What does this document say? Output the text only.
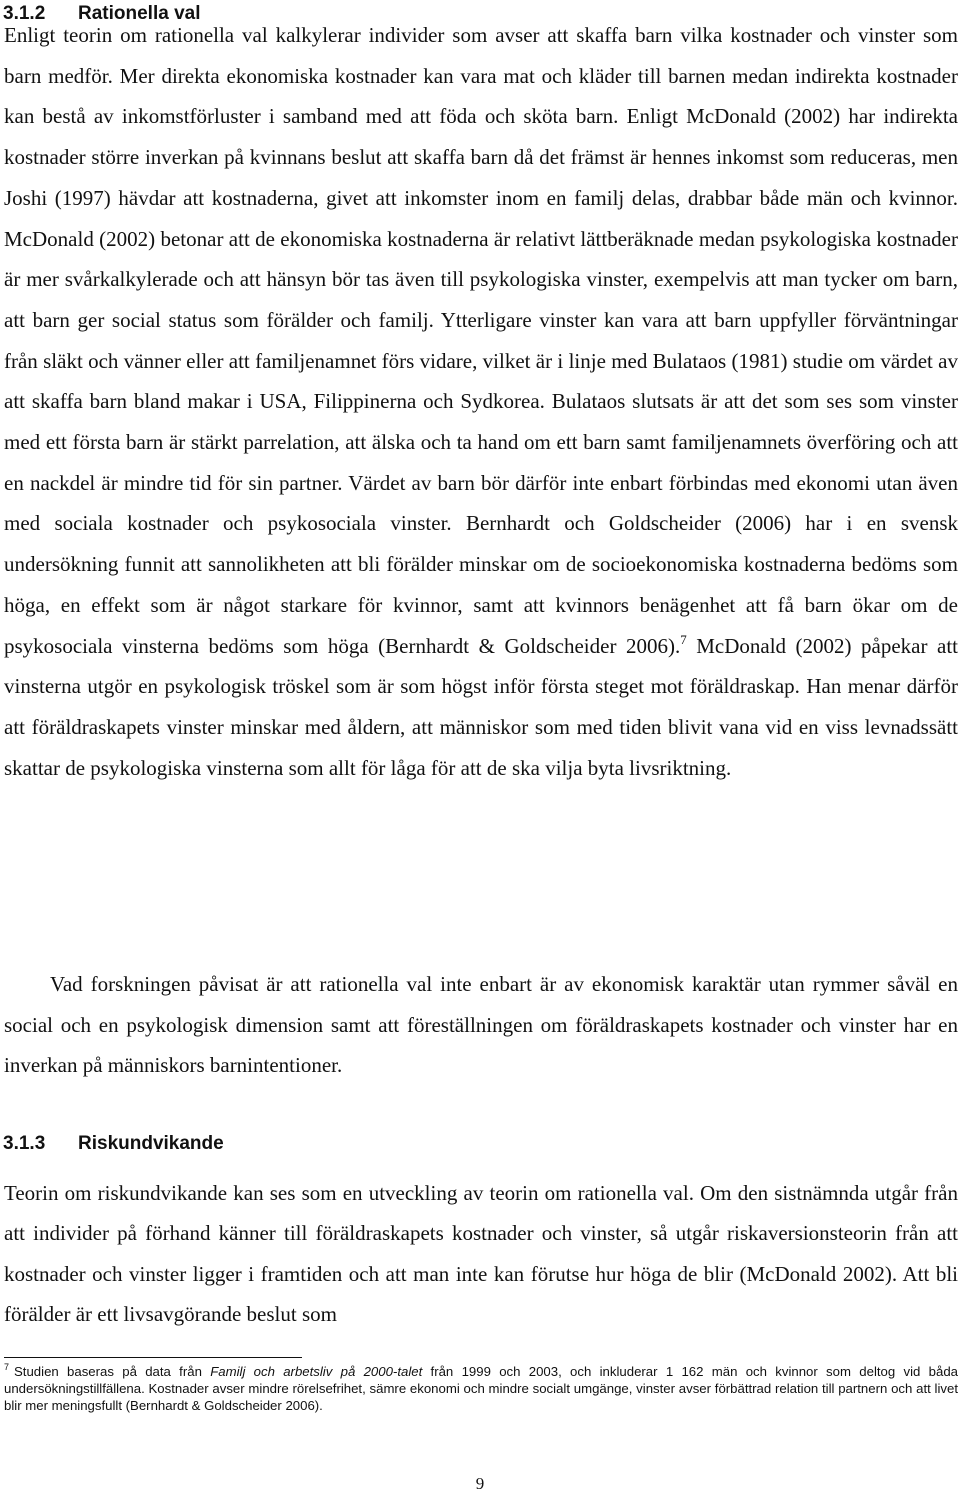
3.1.2 Rationella val

Enligt teorin om rationella val kalkylerar individer som avser att skaffa barn vilka kostnader och vinster som barn medför. Mer direkta ekonomiska kostnader kan vara mat och kläder till barnen medan indirekta kostnader kan bestå av inkomstförluster i samband med att föda och sköta barn. Enligt McDonald (2002) har indirekta kostnader större inverkan på kvinnans beslut att skaffa barn då det främst är hennes inkomst som reduceras, men Joshi (1997) hävdar att kostnaderna, givet att inkomster inom en familj delas, drabbar både män och kvinnor. McDonald (2002) betonar att de ekonomiska kostnaderna är relativt lättberäknade medan psykologiska kostnader är mer svårkalkylerade och att hänsyn bör tas även till psykologiska vinster, exempelvis att man tycker om barn, att barn ger social status som förälder och familj. Ytterligare vinster kan vara att barn uppfyller förväntningar från släkt och vänner eller att familjenamnet förs vidare, vilket är i linje med Bulataos (1981) studie om värdet av att skaffa barn bland makar i USA, Filippinerna och Sydkorea. Bulataos slutsats är att det som ses som vinster med ett första barn är stärkt parrelation, att älska och ta hand om ett barn samt familjenamnets överföring och att en nackdel är mindre tid för sin partner. Värdet av barn bör därför inte enbart förbindas med ekonomi utan även med sociala kostnader och psykosociala vinster. Bernhardt och Goldscheider (2006) har i en svensk undersökning funnit att sannolikheten att bli förälder minskar om de socioekonomiska kostnaderna bedöms som höga, en effekt som är något starkare för kvinnor, samt att kvinnors benägenhet att få barn ökar om de psykosociala vinsterna bedöms som höga (Bernhardt & Goldscheider 2006).$^7$ McDonald (2002) påpekar att vinsterna utgör en psykologisk tröskel som är som högst inför första steget mot föräldraskap. Han menar därför att föräldraskapets vinster minskar med åldern, att människor som med tiden blivit vana vid en viss levnadssätt skattar de psykologiska vinsterna som allt för låga för att de ska vilja byta livsriktning.

Vad forskningen påvisat är att rationella val inte enbart är av ekonomisk karaktär utan rymmer såväl en social och en psykologisk dimension samt att föreställningen om föräldraskapets kostnader och vinster har en inverkan på människors barnintentioner.

3.1.3 Riskundvikande

Teorin om riskundvikande kan ses som en utveckling av teorin om rationella val. Om den sistnämnda utgår från att individer på förhand känner till föräldraskapets kostnader och vinster, så utgår riskaversionsteorin från att kostnader och vinster ligger i framtiden och att man inte kan förutse hur höga de blir (McDonald 2002). Att bli förälder är ett livsavgörande beslut som

$^7$ Studien baseras på data från Familj och arbetsliv på 2000-talet från 1999 och 2003, och inkluderar 1 162 män och kvinnor som deltog vid båda undersökningstillfällena. Kostnader avser mindre rörelsefrihet, sämre ekonomi och mindre socialt umgänge, vinster avser förbättrad relation till partnern och att livet blir mer meningsfullt (Bernhardt & Goldscheider 2006).

9
